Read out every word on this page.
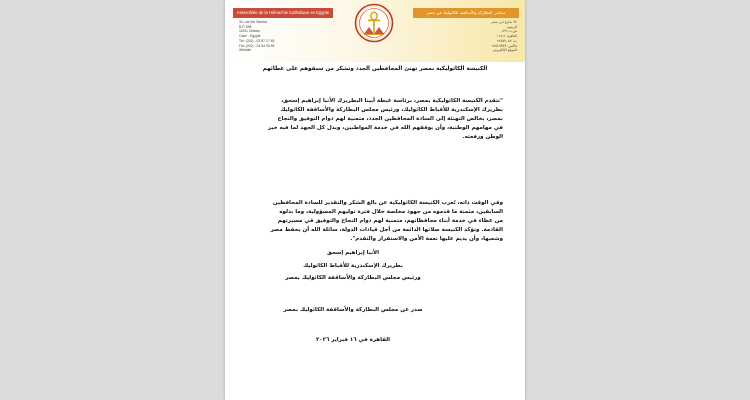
Assemblée de la Hiérarchie Catholique en Egypte	مجلس البطاركة والأساقفة الكاثوليك في مصر
34, rue Ibn Sandar
B.P. 896
11811 Zeitoun
Caire - Egypte
Tél: (202) - 02 87 17 45
Fax (202) - 24 54 93 89
Website
٣٤ شارع ابن سندر
الزيتون
ص.ب ٨٩٦
القاهرة ١١٨١١
ت: ٢٤٥٨٧٠٨٧
فاكس: ٢٤٥٤٩٣٨٩
الموقع الإلكتروني
الكنيسة الكاثوليكية بمصر تهنئ المحافظين الجدد وتشكر من سبقوهم على عطائهم
"تتقدم الكنيسة الكاثوليكية بمصر، برئاسة غبطة أبينا البطريرك الأنبا إبراهيم إسحق،
بطريرك الإسكندرية للأقباط الكاثوليك، ورئيس مجلس البطاركة والأساقفة الكاثوليك
بمصر، بخالص التهنئة إلى السادة المحافظين الجدد، متمنية لهم دوام التوفيق والنجاح
في مهامهم الوطنية، وأن يوفقهم الله في خدمة المواطنين، وبذل كل الجهد لما فيه خير
الوطن ورفعته.
وفي الوقت ذاته، تُعرب الكنيسة الكاثوليكية عن بالغ الشكر والتقدير للسادة المحافظين
السابقين، مثمنة ما قدموه من جهود مخلصة خلال فترة توليهم المسؤولية، وما بذلوه
من عطاء في خدمة أبناء محافظاتهم، متمنية لهم دوام النجاح والتوفيق في مسيرتهم
القادمة. وتؤكد الكنيسة صلاتها الدائمة من أجل قيادات الدولة، سائلة الله أن يحفظ مصر
وشعبها، وأن يديم عليها نعمة الأمن والاستقرار والتقدم".
الأنبا إبراهيم إسحق
بطريرك الإسكندرية للأقباط الكاثوليك
ورئيس مجلس البطاركة والأساقفة الكاثوليك بمصر
صدر عن مجلس البطاركة والأساقفة الكاثوليك بمصر
القاهرة في ١٦ فبراير ٢٠٢٦
